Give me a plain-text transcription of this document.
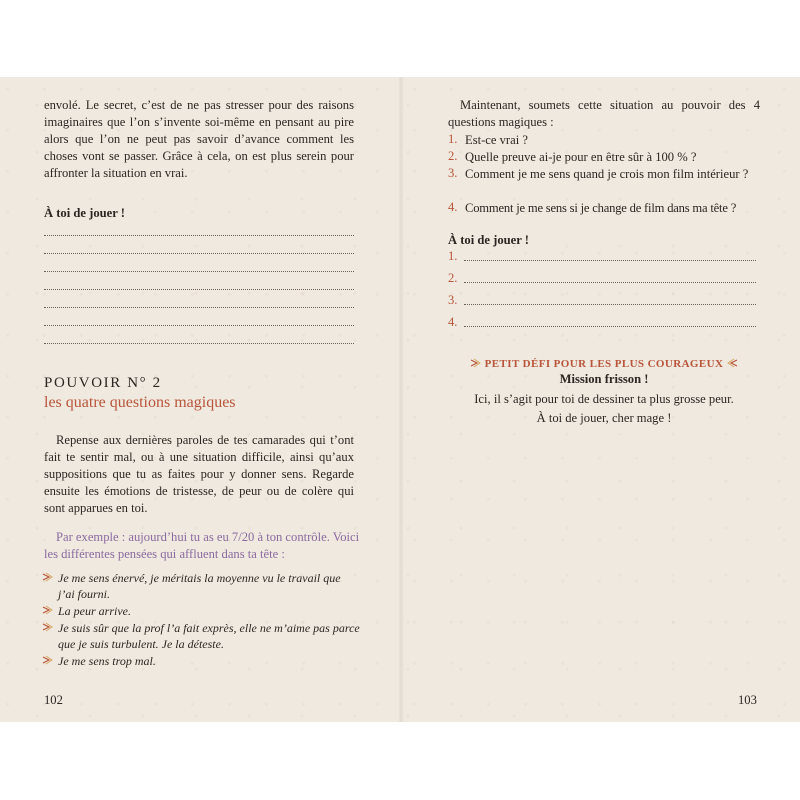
envolé. Le secret, c’est de ne pas stresser pour des raisons imaginaires que l’on s’invente soi-même en pensant au pire alors que l’on ne peut pas savoir d’avance comment les choses vont se passer. Grâce à cela, on est plus serein pour affronter la situation en vrai.

À toi de jouer !

POUVOIR N° 2
les quatre questions magiques

Repense aux dernières paroles de tes camarades qui t’ont fait te sentir mal, ou à une situation difficile, ainsi qu’aux suppositions que tu as faites pour y donner sens. Regarde ensuite les émotions de tristesse, de peur ou de colère qui sont apparues en toi.

Par exemple : aujourd’hui tu as eu 7/20 à ton contrôle. Voici les différentes pensées qui affluent dans ta tête :

Je me sens énervé, je méritais la moyenne vu le travail que j’ai fourni.
La peur arrive.
Je suis sûr que la prof l’a fait exprès, elle ne m’aime pas parce que je suis turbulent. Je la déteste.
Je me sens trop mal.
102

Maintenant, soumets cette situation au pouvoir des 4 questions magiques :

1. Est-ce vrai ?
2. Quelle preuve ai-je pour en être sûr à 100 % ?
3. Comment je me sens quand je crois mon film intérieur ?
4. Comment je me sens si je change de film dans ma tête ?

À toi de jouer !

1.
2.
3.
4.
PETIT DÉFI POUR LES PLUS COURAGEUX
Mission frisson !
Ici, il s’agit pour toi de dessiner ta plus grosse peur.
À toi de jouer, cher mage !
103
